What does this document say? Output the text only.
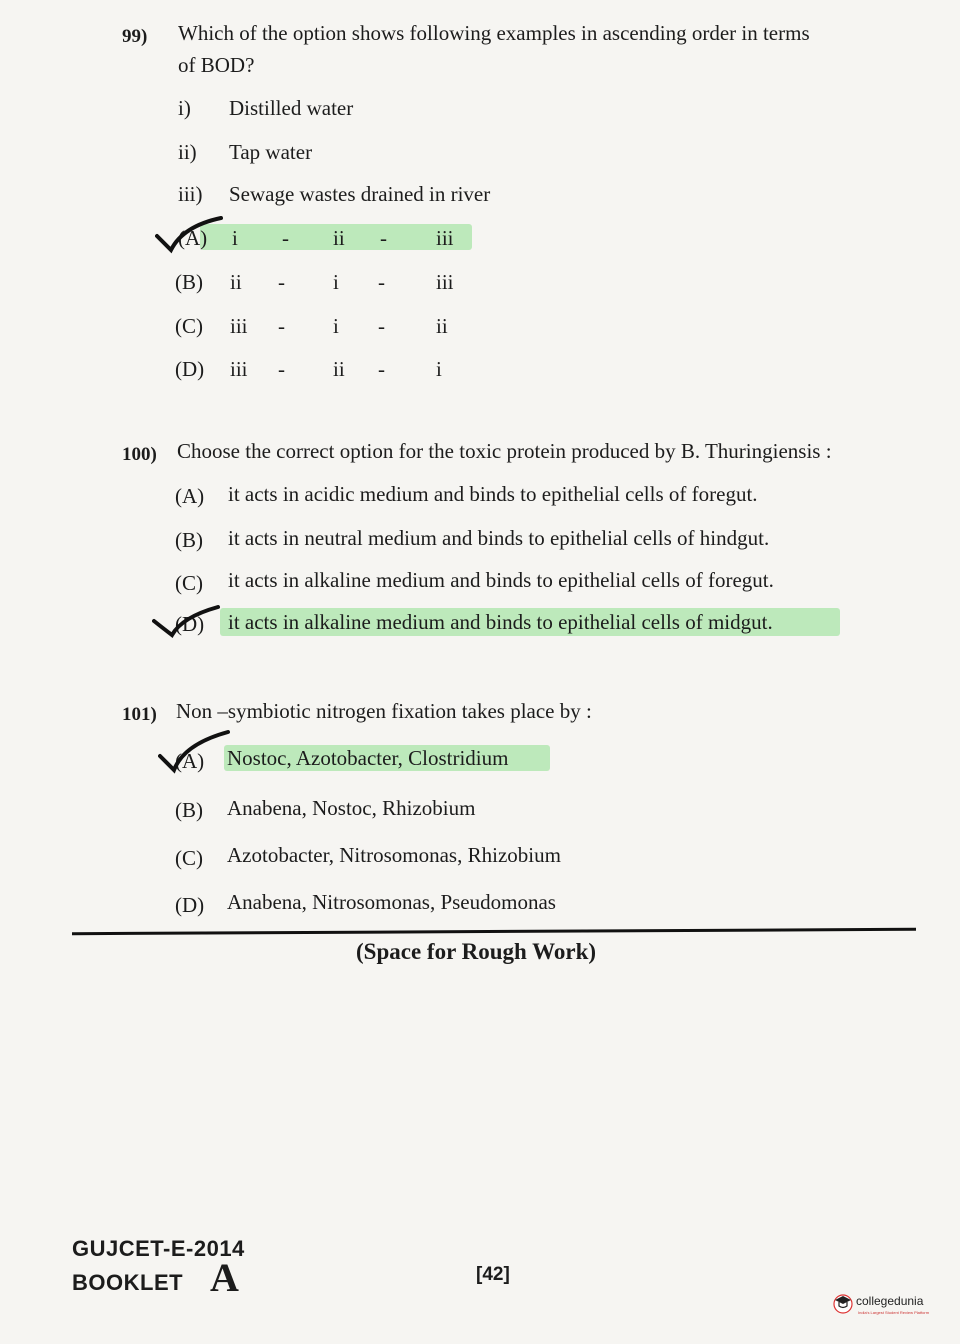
99) Which of the option shows following examples in ascending order in terms
of BOD?
i) Distilled water
ii) Tap water
iii) Sewage wastes drained in river
(A) i - ii - iii
(B) ii - i - iii
(C) iii - i - ii
(D) iii - ii - i
100) Choose the correct option for the toxic protein produced by B. Thuringiensis :
(A) it acts in acidic medium and binds to epithelial cells of foregut.
(B) it acts in neutral medium and binds to epithelial cells of hindgut.
(C) it acts in alkaline medium and binds to epithelial cells of foregut.
(D) it acts in alkaline medium and binds to epithelial cells of midgut.
101) Non –symbiotic nitrogen fixation takes place by :
(A) Nostoc, Azotobacter, Clostridium
(B) Anabena, Nostoc, Rhizobium
(C) Azotobacter, Nitrosomonas, Rhizobium
(D) Anabena, Nitrosomonas, Pseudomonas
(Space for Rough Work)
GUJCET-E-2014
BOOKLET A	[42]
collegedunia
India's Largest Student Review Platform
